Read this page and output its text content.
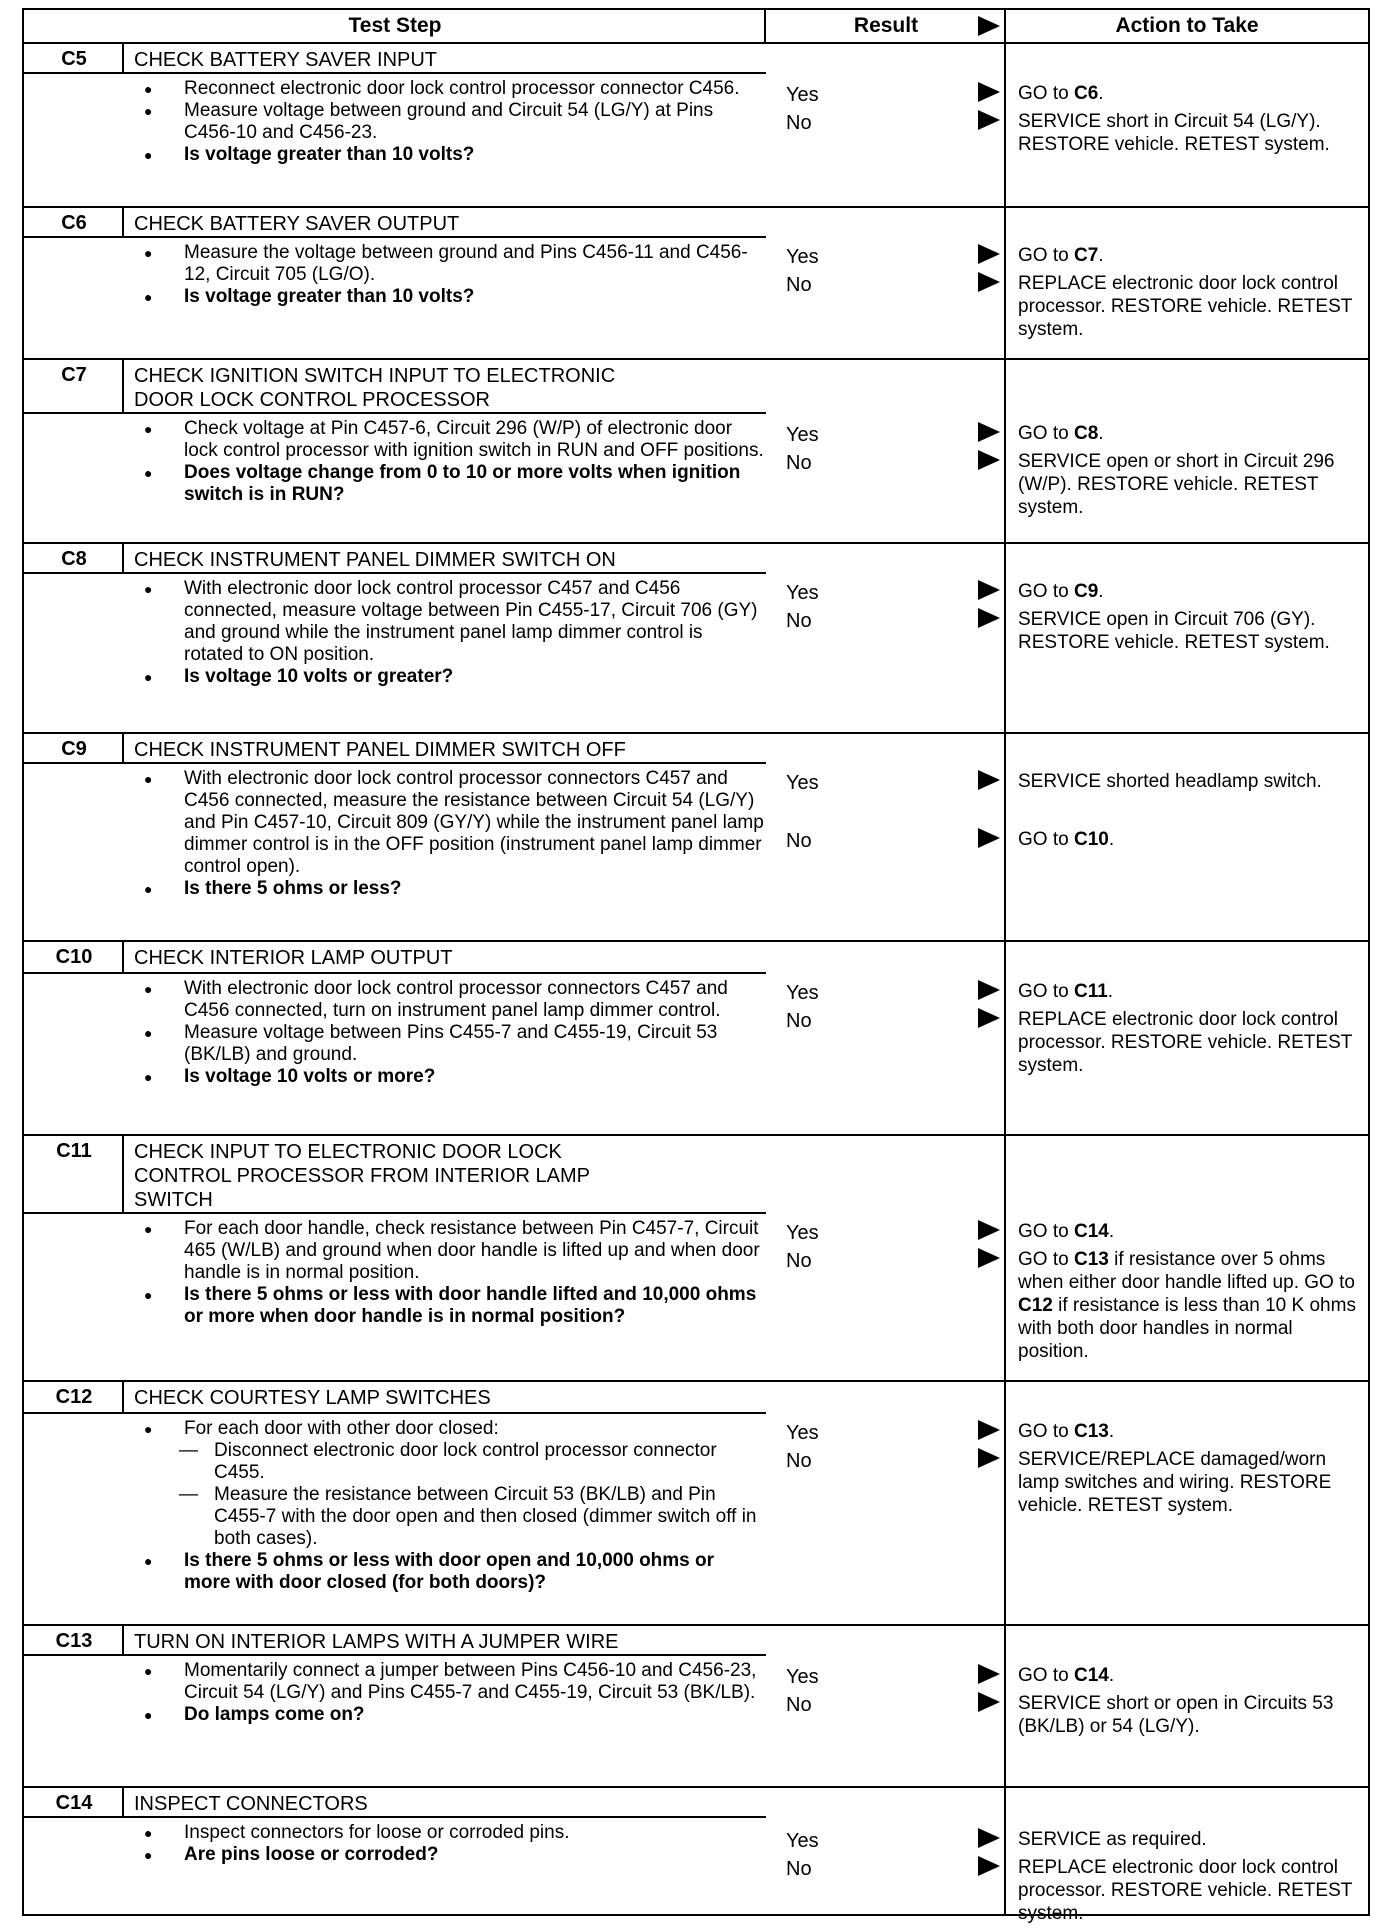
Test Step	Result	Action to Take
C5	CHECK BATTERY SAVER INPUT
● Reconnect electronic door lock control processor connector C456.
● Measure voltage between ground and Circuit 54 (LG/Y) at Pins C456-10 and C456-23.
● Is voltage greater than 10 volts?
Yes	GO to C6.

No	SERVICE short in Circuit 54 (LG/Y). RESTORE vehicle. RETEST system.

C6	CHECK BATTERY SAVER OUTPUT
● Measure the voltage between ground and Pins C456-11 and C456-12, Circuit 705 (LG/O).
● Is voltage greater than 10 volts?
Yes	GO to C7.

No	REPLACE electronic door lock control processor. RESTORE vehicle. RETEST system.

C7	CHECK IGNITION SWITCH INPUT TO ELECTRONIC
DOOR LOCK CONTROL PROCESSOR
● Check voltage at Pin C457-6, Circuit 296 (W/P) of electronic door lock control processor with ignition switch in RUN and OFF positions.
● Does voltage change from 0 to 10 or more volts when ignition switch is in RUN?
Yes	GO to C8.

No	SERVICE open or short in Circuit 296 (W/P). RESTORE vehicle. RETEST system.

C8	CHECK INSTRUMENT PANEL DIMMER SWITCH ON
● With electronic door lock control processor C457 and C456 connected, measure voltage between Pin C455-17, Circuit 706 (GY) and ground while the instrument panel lamp dimmer control is rotated to ON position.
● Is voltage 10 volts or greater?
Yes	GO to C9.

No	SERVICE open in Circuit 706 (GY). RESTORE vehicle. RETEST system.

C9	CHECK INSTRUMENT PANEL DIMMER SWITCH OFF
● With electronic door lock control processor connectors C457 and C456 connected, measure the resistance between Circuit 54 (LG/Y) and Pin C457-10, Circuit 809 (GY/Y) while the instrument panel lamp dimmer control is in the OFF position (instrument panel lamp dimmer control open).
● Is there 5 ohms or less?
Yes	SERVICE shorted headlamp switch.

No	GO to C10.

C10	CHECK INTERIOR LAMP OUTPUT
● With electronic door lock control processor connectors C457 and C456 connected, turn on instrument panel lamp dimmer control.
● Measure voltage between Pins C455-7 and C455-19, Circuit 53 (BK/LB) and ground.
● Is voltage 10 volts or more?
Yes	GO to C11.

No	REPLACE electronic door lock control processor. RESTORE vehicle. RETEST system.

C11	CHECK INPUT TO ELECTRONIC DOOR LOCK
CONTROL PROCESSOR FROM INTERIOR LAMP
SWITCH
● For each door handle, check resistance between Pin C457-7, Circuit 465 (W/LB) and ground when door handle is lifted up and when door handle is in normal position.
● Is there 5 ohms or less with door handle lifted and 10,000 ohms or more when door handle is in normal position?
Yes	GO to C14.

No	GO to C13 if resistance over 5 ohms when either door handle lifted up. GO to C12 if resistance is less than 10 K ohms with both door handles in normal position.

C12	CHECK COURTESY LAMP SWITCHES
● For each door with other door closed:
— Disconnect electronic door lock control processor connector C455.
— Measure the resistance between Circuit 53 (BK/LB) and Pin C455-7 with the door open and then closed (dimmer switch off in both cases).
● Is there 5 ohms or less with door open and 10,000 ohms or more with door closed (for both doors)?
Yes	GO to C13.

No	SERVICE/REPLACE damaged/worn lamp switches and wiring. RESTORE vehicle. RETEST system.

C13	TURN ON INTERIOR LAMPS WITH A JUMPER WIRE
● Momentarily connect a jumper between Pins C456-10 and C456-23, Circuit 54 (LG/Y) and Pins C455-7 and C455-19, Circuit 53 (BK/LB).
● Do lamps come on?
Yes	GO to C14.

No	SERVICE short or open in Circuits 53 (BK/LB) or 54 (LG/Y).

C14	INSPECT CONNECTORS
● Inspect connectors for loose or corroded pins.
● Are pins loose or corroded?
Yes	SERVICE as required.

No	REPLACE electronic door lock control processor. RESTORE vehicle. RETEST system.
